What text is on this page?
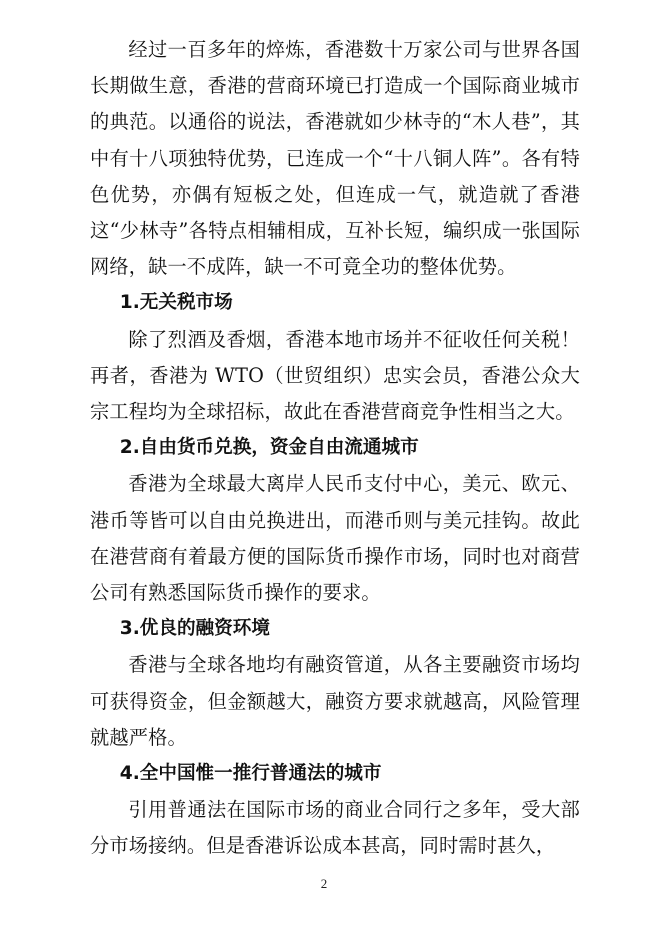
经过一百多年的焠炼，香港数十万家公司与世界各国长期做生意，香港的营商环境已打造成一个国际商业城市的典范。以通俗的说法，香港就如少林寺的“木人巷”，其中有十八项独特优势，已连成一个“十八铜人阵”。各有特色优势，亦偶有短板之处，但连成一气，就造就了香港这“少林寺”各特点相辅相成，互补长短，编织成一张国际网络，缺一不成阵，缺一不可竟全功的整体优势。

1.无关税市场

除了烈酒及香烟，香港本地市场并不征收任何关税！再者，香港为 WTO（世贸组织）忠实会员，香港公众大宗工程均为全球招标，故此在香港营商竞争性相当之大。

2.自由货币兑换，资金自由流通城市

香港为全球最大离岸人民币支付中心，美元、欧元、港币等皆可以自由兑换进出，而港币则与美元挂钩。故此在港营商有着最方便的国际货币操作市场，同时也对商营公司有熟悉国际货币操作的要求。

3.优良的融资环境

香港与全球各地均有融资管道，从各主要融资市场均可获得资金，但金额越大，融资方要求就越高，风险管理就越严格。

4.全中国惟一推行普通法的城市

引用普通法在国际市场的商业合同行之多年，受大部分市场接纳。但是香港诉讼成本甚高，同时需时甚久，

2
